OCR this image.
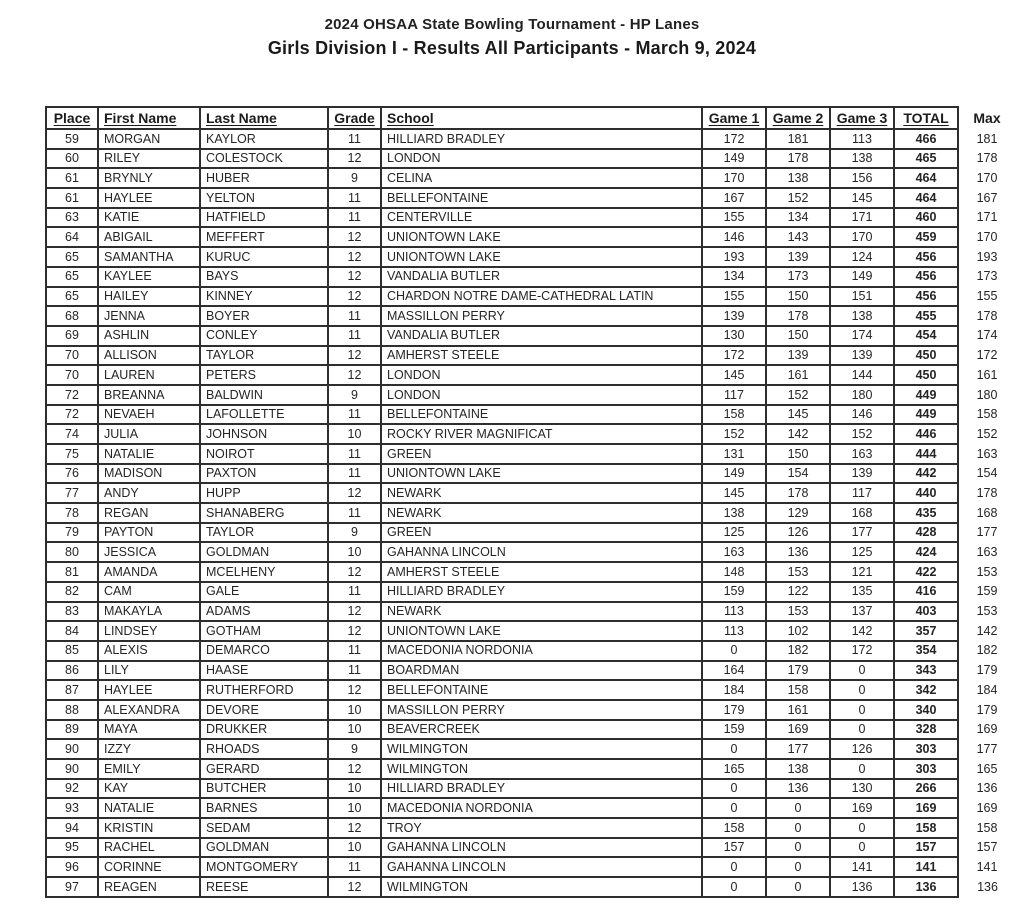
2024 OHSAA State Bowling Tournament - HP Lanes
Girls Division I - Results All Participants - March 9, 2024
Place	First Name	Last Name	Grade	School	Game 1	Game 2	Game 3	TOTAL	Max
59	MORGAN	KAYLOR	11	HILLIARD BRADLEY	172	181	113	466	181
60	RILEY	COLESTOCK	12	LONDON	149	178	138	465	178
61	BRYNLY	HUBER	9	CELINA	170	138	156	464	170
61	HAYLEE	YELTON	11	BELLEFONTAINE	167	152	145	464	167
63	KATIE	HATFIELD	11	CENTERVILLE	155	134	171	460	171
64	ABIGAIL	MEFFERT	12	UNIONTOWN LAKE	146	143	170	459	170
65	SAMANTHA	KURUC	12	UNIONTOWN LAKE	193	139	124	456	193
65	KAYLEE	BAYS	12	VANDALIA BUTLER	134	173	149	456	173
65	HAILEY	KINNEY	12	CHARDON NOTRE DAME-CATHEDRAL LATIN	155	150	151	456	155
68	JENNA	BOYER	11	MASSILLON PERRY	139	178	138	455	178
69	ASHLIN	CONLEY	11	VANDALIA BUTLER	130	150	174	454	174
70	ALLISON	TAYLOR	12	AMHERST STEELE	172	139	139	450	172
70	LAUREN	PETERS	12	LONDON	145	161	144	450	161
72	BREANNA	BALDWIN	9	LONDON	117	152	180	449	180
72	NEVAEH	LAFOLLETTE	11	BELLEFONTAINE	158	145	146	449	158
74	JULIA	JOHNSON	10	ROCKY RIVER MAGNIFICAT	152	142	152	446	152
75	NATALIE	NOIROT	11	GREEN	131	150	163	444	163
76	MADISON	PAXTON	11	UNIONTOWN LAKE	149	154	139	442	154
77	ANDY	HUPP	12	NEWARK	145	178	117	440	178
78	REGAN	SHANABERG	11	NEWARK	138	129	168	435	168
79	PAYTON	TAYLOR	9	GREEN	125	126	177	428	177
80	JESSICA	GOLDMAN	10	GAHANNA LINCOLN	163	136	125	424	163
81	AMANDA	MCELHENY	12	AMHERST STEELE	148	153	121	422	153
82	CAM	GALE	11	HILLIARD BRADLEY	159	122	135	416	159
83	MAKAYLA	ADAMS	12	NEWARK	113	153	137	403	153
84	LINDSEY	GOTHAM	12	UNIONTOWN LAKE	113	102	142	357	142
85	ALEXIS	DEMARCO	11	MACEDONIA NORDONIA	0	182	172	354	182
86	LILY	HAASE	11	BOARDMAN	164	179	0	343	179
87	HAYLEE	RUTHERFORD	12	BELLEFONTAINE	184	158	0	342	184
88	ALEXANDRA	DEVORE	10	MASSILLON PERRY	179	161	0	340	179
89	MAYA	DRUKKER	10	BEAVERCREEK	159	169	0	328	169
90	IZZY	RHOADS	9	WILMINGTON	0	177	126	303	177
90	EMILY	GERARD	12	WILMINGTON	165	138	0	303	165
92	KAY	BUTCHER	10	HILLIARD BRADLEY	0	136	130	266	136
93	NATALIE	BARNES	10	MACEDONIA NORDONIA	0	0	169	169	169
94	KRISTIN	SEDAM	12	TROY	158	0	0	158	158
95	RACHEL	GOLDMAN	10	GAHANNA LINCOLN	157	0	0	157	157
96	CORINNE	MONTGOMERY	11	GAHANNA LINCOLN	0	0	141	141	141
97	REAGEN	REESE	12	WILMINGTON	0	0	136	136	136
